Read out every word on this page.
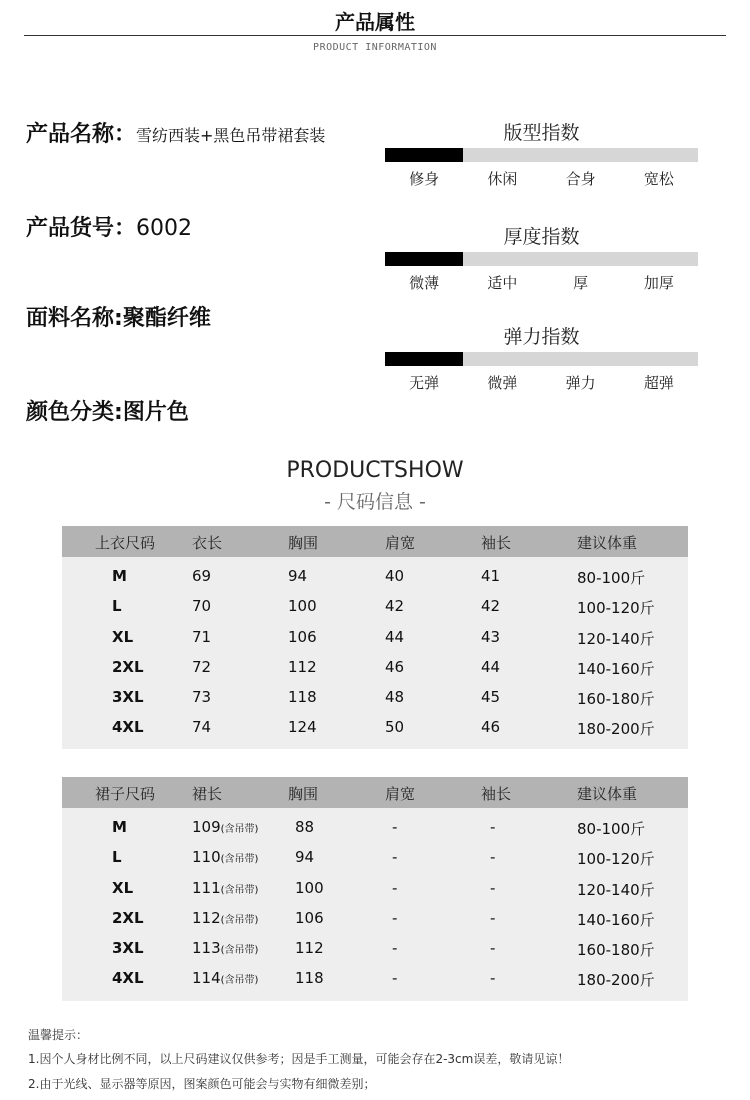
产品属性
PRODUCT INFORMATION
产品名称：雪纺西装+黑色吊带裙套装
产品货号：6002
面料名称:聚酯纤维
颜色分类:图片色
版型指数
修身	休闲	合身	宽松
厚度指数
微薄	适中	厚	加厚
弹力指数
无弹	微弹	弹力	超弹
PRODUCTSHOW
- 尺码信息 -
上衣尺码 衣长	胸围	肩宽	袖长	建议体重
M	69	94	40	41	80-100斤
L	70	100	42	42	100-120斤
XL	71	106	44	43	120-140斤
2XL	72	112	46	44	140-160斤
3XL	73	118	48	45	160-180斤
4XL	74	124	50	46	180-200斤
裙子尺码 裙长	胸围	肩宽	袖长	建议体重
M	109(含吊带) 88	-	-	80-100斤
L	110(含吊带) 94	-	-	100-120斤
XL	111(含吊带) 100	-	-	120-140斤
2XL	112(含吊带) 106	-	-	140-160斤
3XL	113(含吊带) 112	-	-	160-180斤
4XL	114(含吊带) 118	-	-	180-200斤
温馨提示：
1.因个人身材比例不同，以上尺码建议仅供参考；因是手工测量，可能会存在2-3cm误差，敬请见谅！
2.由于光线、显示器等原因，图案颜色可能会与实物有细微差别；
